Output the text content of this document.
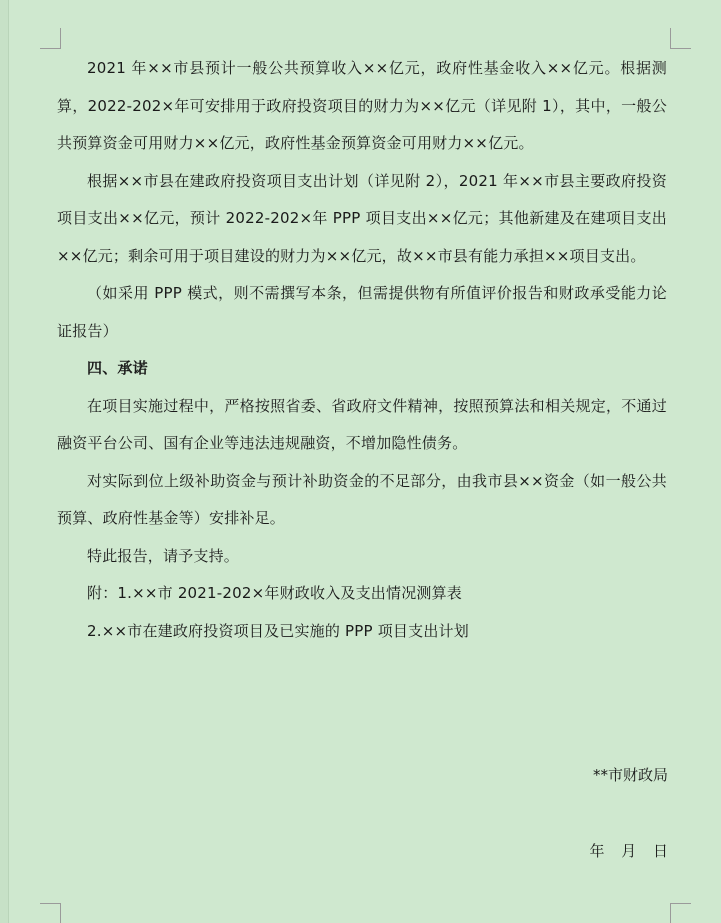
2021 年××市县预计一般公共预算收入××亿元，政府性基金收入××亿元。根据测算，2022-202×年可安排用于政府投资项目的财力为××亿元（详见附 1），其中，一般公共预算资金可用财力××亿元，政府性基金预算资金可用财力××亿元。

根据××市县在建政府投资项目支出计划（详见附 2），2021 年××市县主要政府投资项目支出××亿元，预计 2022-202×年 PPP 项目支出××亿元；其他新建及在建项目支出××亿元；剩余可用于项目建设的财力为××亿元，故××市县有能力承担××项目支出。

（如采用 PPP 模式，则不需撰写本条，但需提供物有所值评价报告和财政承受能力论证报告）

四、承诺

在项目实施过程中，严格按照省委、省政府文件精神，按照预算法和相关规定，不通过融资平台公司、国有企业等违法违规融资，不增加隐性债务。

对实际到位上级补助资金与预计补助资金的不足部分，由我市县××资金（如一般公共预算、政府性基金等）安排补足。

特此报告，请予支持。

附：1.××市 2021-202×年财政收入及支出情况测算表

2.××市在建政府投资项目及已实施的 PPP 项目支出计划

**市财政局
年 月 日
